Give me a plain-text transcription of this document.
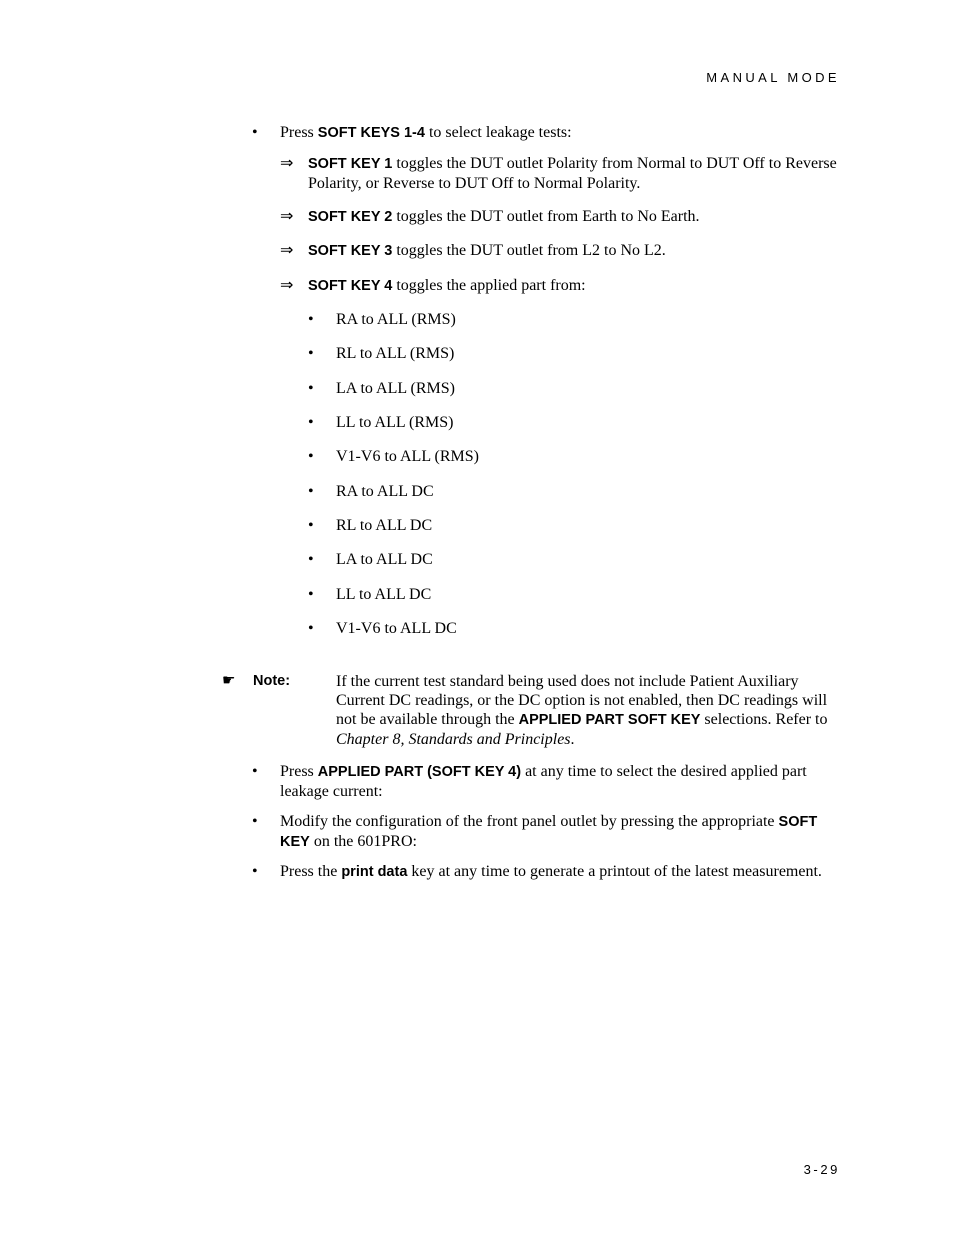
MANUAL MODE
• Press SOFT KEYS 1-4 to select leakage tests:
⇒ SOFT KEY 1 toggles the DUT outlet Polarity from Normal to DUT Off to Reverse Polarity, or Reverse to DUT Off to Normal Polarity.
⇒ SOFT KEY 2 toggles the DUT outlet from Earth to No Earth.
⇒ SOFT KEY 3 toggles the DUT outlet from L2 to No L2.
⇒ SOFT KEY 4 toggles the applied part from:
• RA to ALL (RMS)
• RL to ALL (RMS)
• LA to ALL (RMS)
• LL to ALL (RMS)
• V1-V6 to ALL (RMS)
• RA to ALL DC
• RL to ALL DC
• LA to ALL DC
• LL to ALL DC
• V1-V6 to ALL DC
☛ Note:	If the current test standard being used does not include Patient Auxiliary Current DC readings, or the DC option is not enabled, then DC readings will not be available through the APPLIED PART SOFT KEY selections. Refer to Chapter 8, Standards and Principles.
• Press APPLIED PART (SOFT KEY 4) at any time to select the desired applied part leakage current:
• Modify the configuration of the front panel outlet by pressing the appropriate SOFT KEY on the 601PRO:
• Press the print data key at any time to generate a printout of the latest measurement.
3-29
